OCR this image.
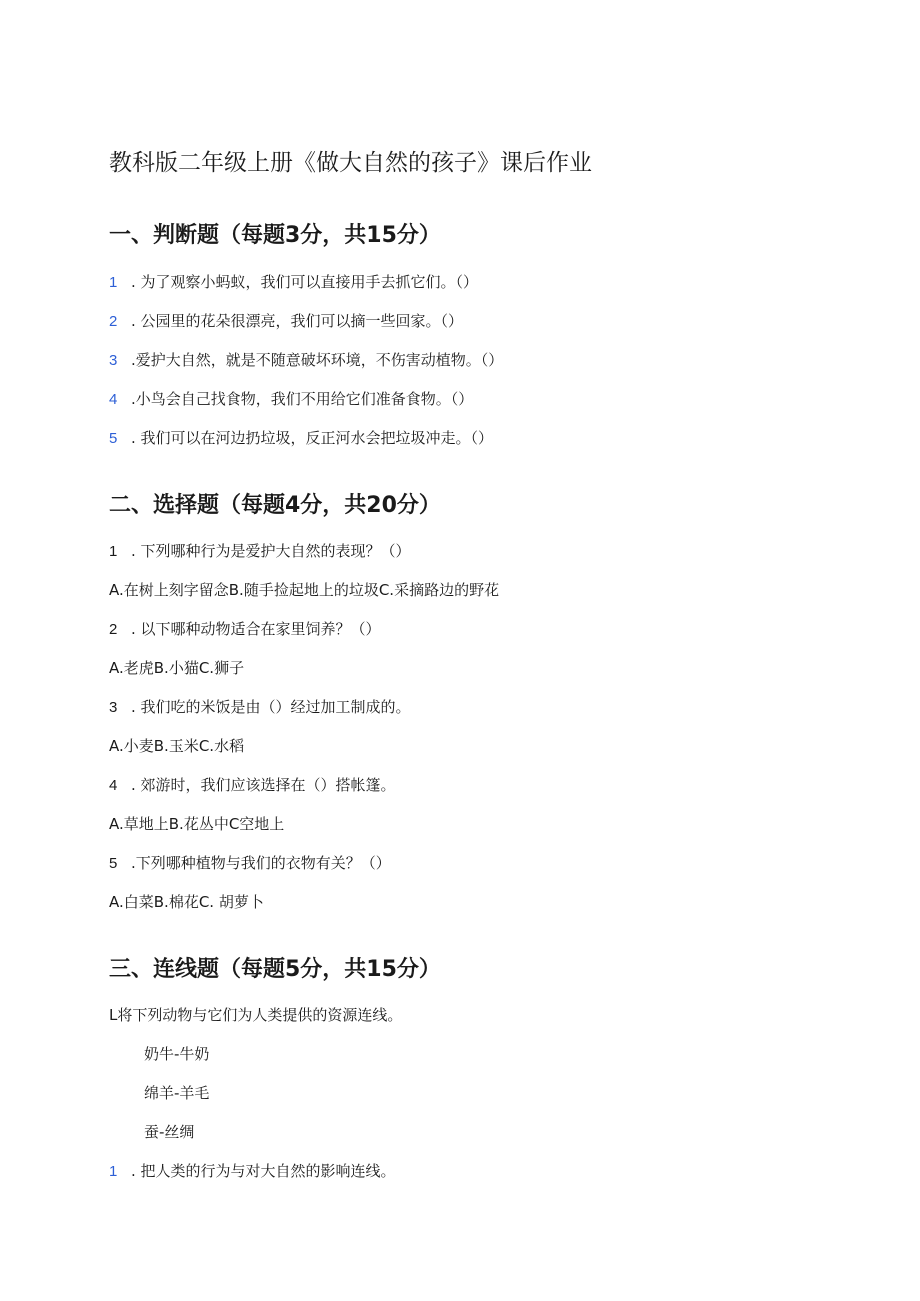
教科版二年级上册《做大自然的孩子》课后作业
一、判断题（每题3分，共15分）
1 . 为了观察小蚂蚁，我们可以直接用手去抓它们。（）
2 . 公园里的花朵很漂亮，我们可以摘一些回家。（）
3 .爱护大自然，就是不随意破坏环境，不伤害动植物。（）
4 .小鸟会自己找食物，我们不用给它们准备食物。（）
5 . 我们可以在河边扔垃圾，反正河水会把垃圾冲走。（）
二、选择题（每题4分，共20分）
1 . 下列哪种行为是爱护大自然的表现？（）
A.在树上刻字留念B.随手捡起地上的垃圾C.采摘路边的野花
2 . 以下哪种动物适合在家里饲养？（）
A.老虎B.小猫C.狮子
3 . 我们吃的米饭是由（）经过加工制成的。
A.小麦B.玉米C.水稻
4 . 郊游时，我们应该选择在（）搭帐篷。
A.草地上B.花丛中C空地上
5 .下列哪种植物与我们的衣物有关？（）
A.白菜B.棉花C. 胡萝卜
三、连线题（每题5分，共15分）
L将下列动物与它们为人类提供的资源连线。
奶牛-牛奶
绵羊-羊毛
蚕-丝绸
1 . 把人类的行为与对大自然的影响连线。
